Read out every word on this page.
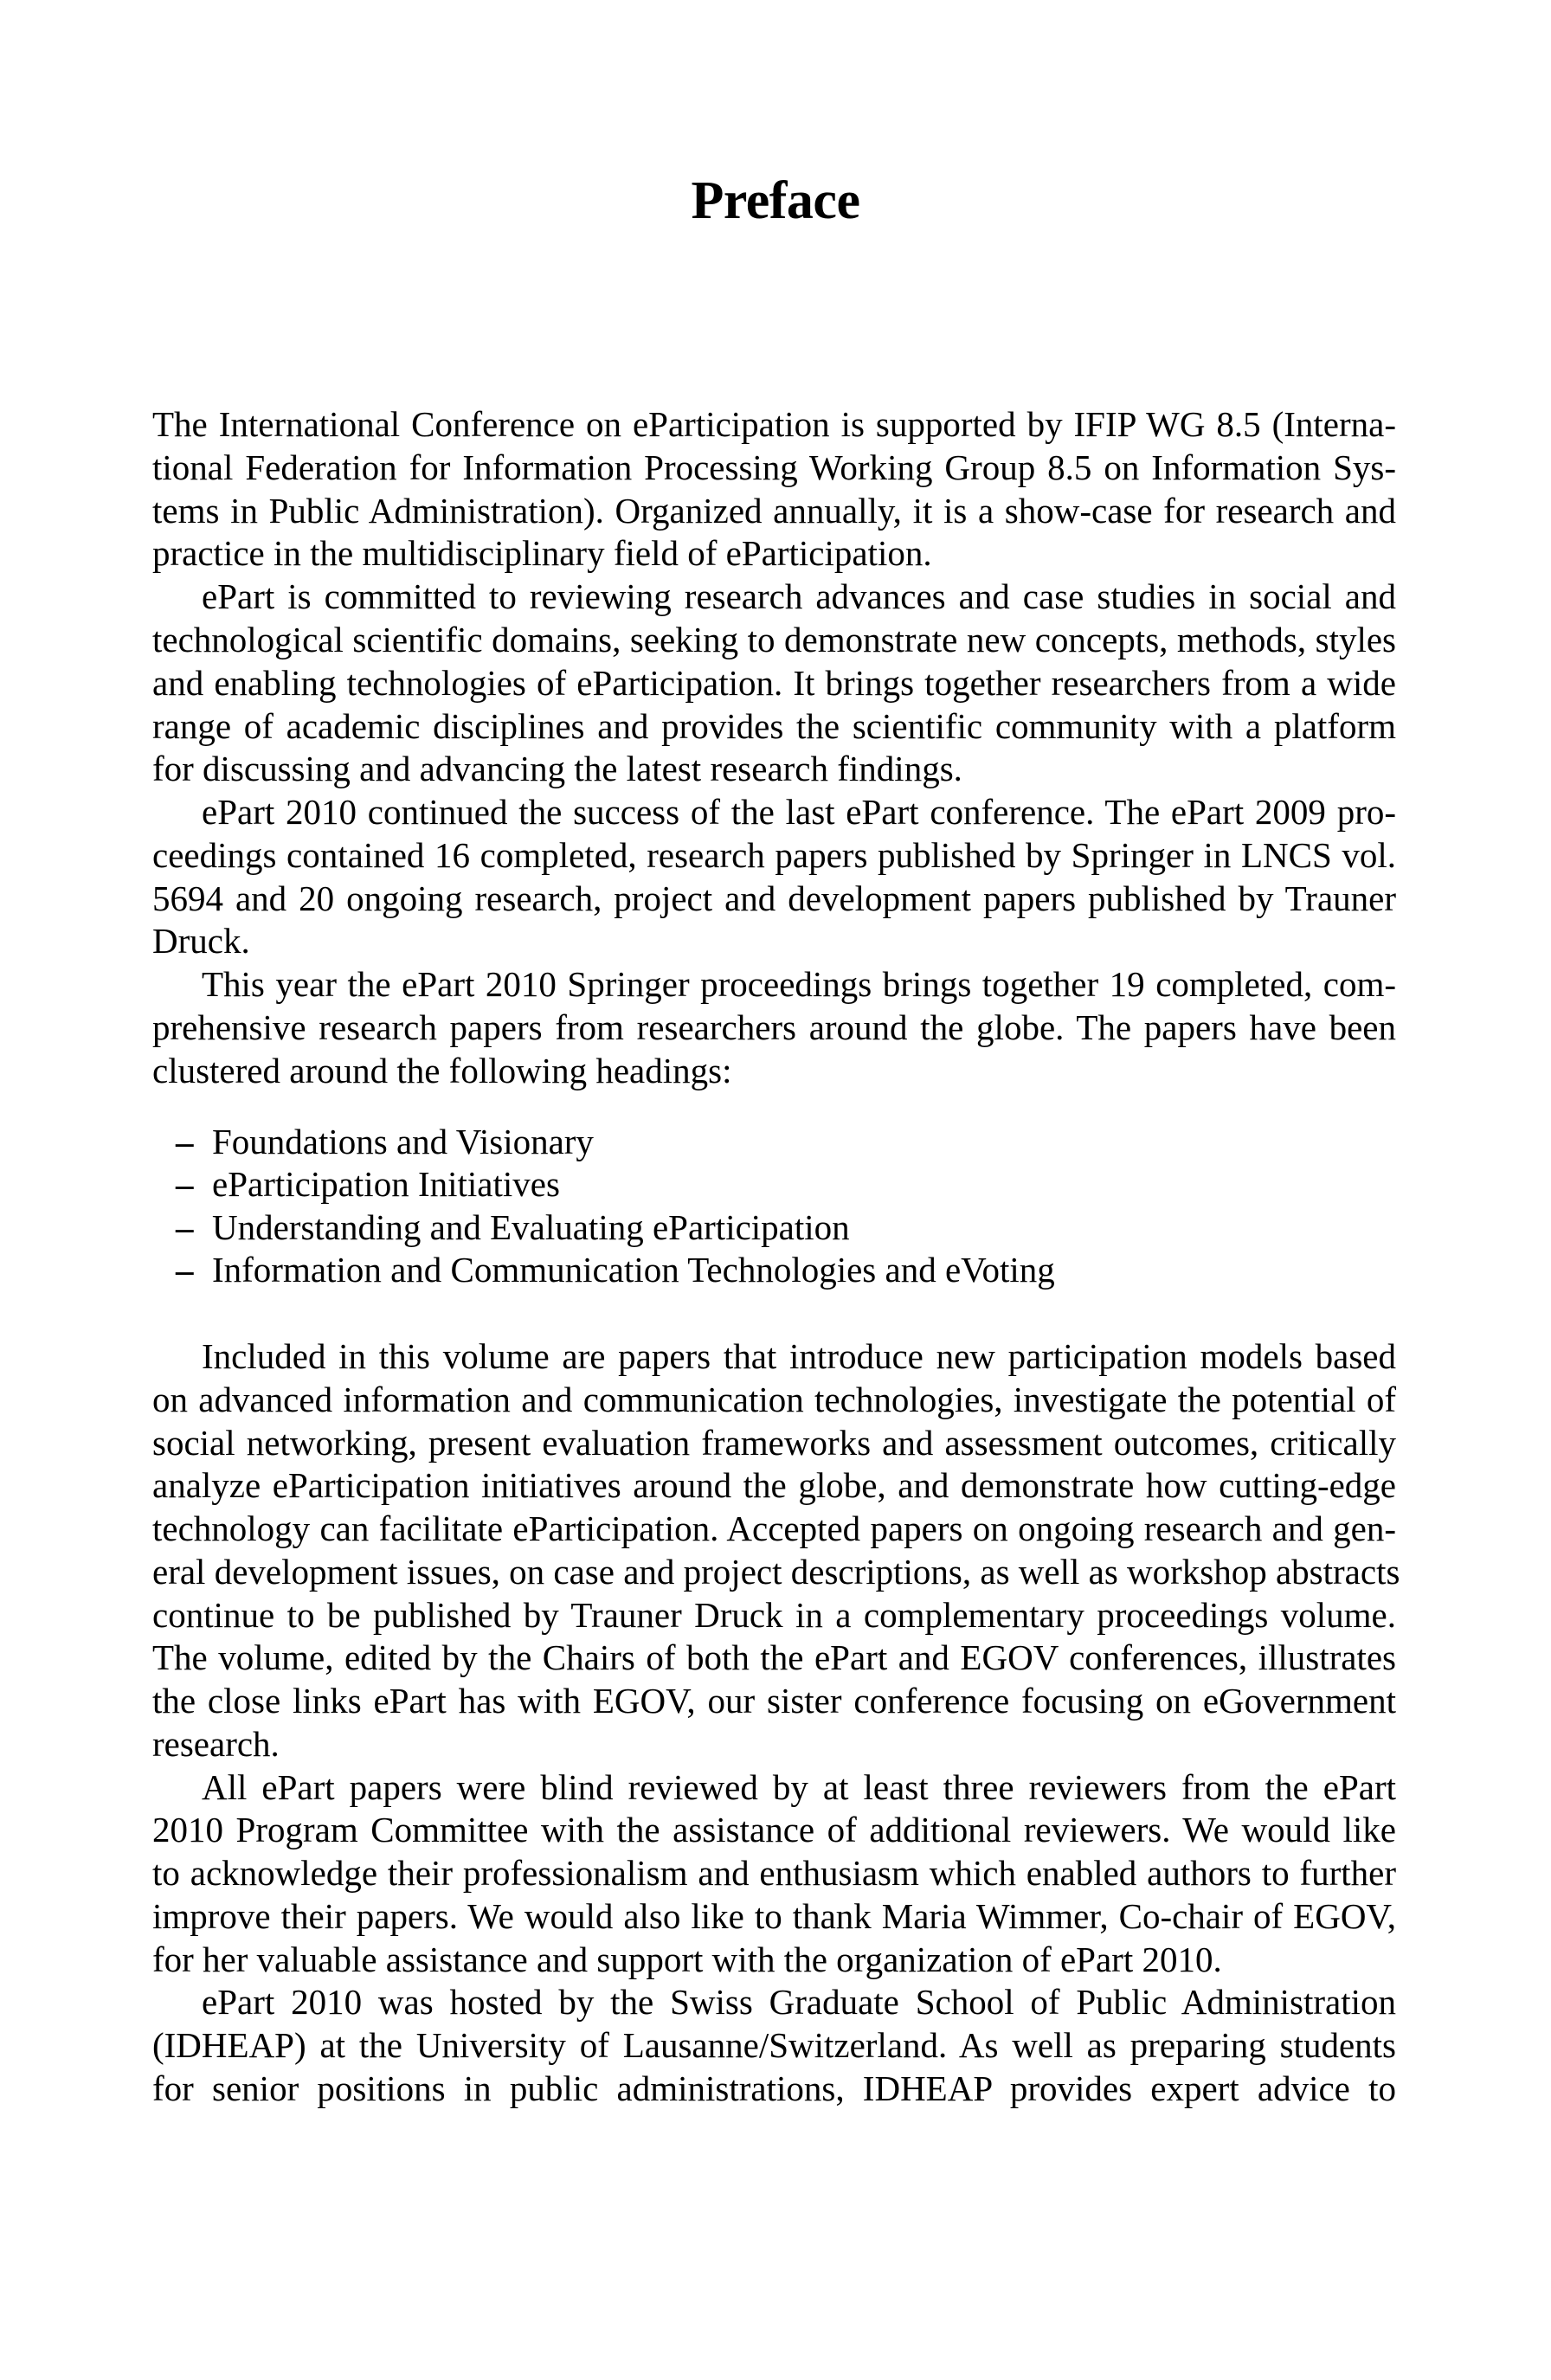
Preface
The International Conference on eParticipation is supported by IFIP WG 8.5 (Interna-
tional Federation for Information Processing Working Group 8.5 on Information Sys-
tems in Public Administration). Organized annually, it is a show-case for research and
practice in the multidisciplinary field of eParticipation.
ePart is committed to reviewing research advances and case studies in social and
technological scientific domains, seeking to demonstrate new concepts, methods, styles
and enabling technologies of eParticipation. It brings together researchers from a wide
range of academic disciplines and provides the scientific community with a platform
for discussing and advancing the latest research findings.
ePart 2010 continued the success of the last ePart conference. The ePart 2009 pro-
ceedings contained 16 completed, research papers published by Springer in LNCS vol.
5694 and 20 ongoing research, project and development papers published by Trauner
Druck.
This year the ePart 2010 Springer proceedings brings together 19 completed, com-
prehensive research papers from researchers around the globe. The papers have been
clustered around the following headings:
– Foundations and Visionary
– eParticipation Initiatives
– Understanding and Evaluating eParticipation
– Information and Communication Technologies and eVoting
Included in this volume are papers that introduce new participation models based
on advanced information and communication technologies, investigate the potential of
social networking, present evaluation frameworks and assessment outcomes, critically
analyze eParticipation initiatives around the globe, and demonstrate how cutting-edge
technology can facilitate eParticipation. Accepted papers on ongoing research and gen-
eral development issues, on case and project descriptions, as well as workshop abstracts
continue to be published by Trauner Druck in a complementary proceedings volume.
The volume, edited by the Chairs of both the ePart and EGOV conferences, illustrates
the close links ePart has with EGOV, our sister conference focusing on eGovernment
research.
All ePart papers were blind reviewed by at least three reviewers from the ePart
2010 Program Committee with the assistance of additional reviewers. We would like
to acknowledge their professionalism and enthusiasm which enabled authors to further
improve their papers. We would also like to thank Maria Wimmer, Co-chair of EGOV,
for her valuable assistance and support with the organization of ePart 2010.
ePart 2010 was hosted by the Swiss Graduate School of Public Administration
(IDHEAP) at the University of Lausanne/Switzerland. As well as preparing students
for senior positions in public administrations, IDHEAP provides expert advice to
